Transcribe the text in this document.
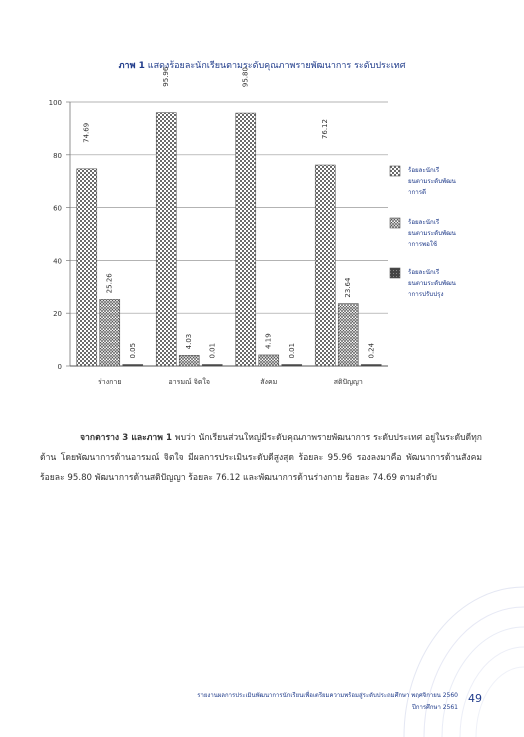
ภาพ 1 แสดงร้อยละนักเรียนตามระดับคุณภาพรายพัฒนาการ ระดับประเทศ
0
20
40
60
80
100
ร่างกาย	อารมณ์ จิตใจ	สังคม	สติปัญญา
74.69
25.26
0.05
95.96
4.03
0.01
95.80
4.19
0.01
76.12
23.64
0.24
ร้อยละนักเรียนตามระดับพัฒนาการดี
ร้อยละนักเรียนตามระดับพัฒนาการพอใช้
ร้อยละนักเรียนตามระดับพัฒนาการปรับปรุง
จากตาราง 3 และภาพ 1 พบว่า นักเรียนส่วนใหญ่มีระดับคุณภาพรายพัฒนาการ ระดับประเทศ อยู่ในระดับดีทุกด้าน โดยพัฒนาการด้านอารมณ์ จิตใจ มีผลการประเมินระดับดีสูงสุด ร้อยละ 95.96 รองลงมาคือ พัฒนาการด้านสังคม ร้อยละ 95.80 พัฒนาการด้านสติปัญญา ร้อยละ 76.12 และพัฒนาการด้านร่างกาย ร้อยละ 74.69 ตามลำดับ
รายงานผลการประเมินพัฒนาการนักเรียนเพื่อเตรียมความพร้อมสู่ระดับประถมศึกษา พฤศจิกายน 2560
ปีการศึกษา 2561
49
